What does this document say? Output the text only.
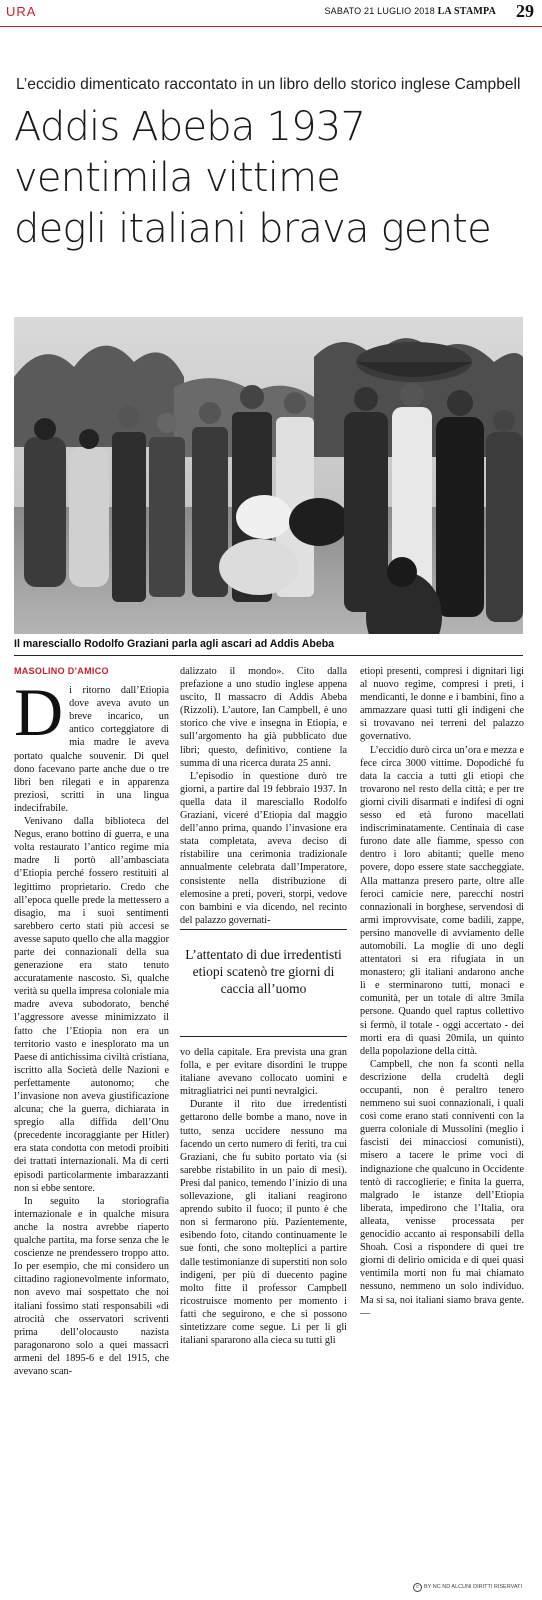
URA	SABATO 21 LUGLIO 2018 LA STAMPA 29
L’eccidio dimenticato raccontato in un libro dello storico inglese Campbell
Addis Abeba 1937
ventimila vittime
degli italiani brava gente
Il maresciallo Rodolfo Graziani parla agli ascari ad Addis Abeba
MASOLINO D’AMICO
D i ritorno dall’Etiopia dove aveva avuto un breve incarico, un antico corteggiatore di mia madre le aveva portato qualche souvenir. Di quel dono facevano parte anche due o tre libri ben rilegati e in apparenza preziosi, scritti in una lingua indecifrabile.

Venivano dalla biblioteca del Negus, erano bottino di guerra, e una volta restaurato l’antico regime mia madre li portò all’ambasciata d’Etiopia perché fossero restituiti al legittimo proprietario. Credo che all’epoca quelle prede la mettessero a disagio, ma i suoi sentimenti sarebbero certo stati più accesi se avesse saputo quello che alla maggior parte dei connazionali della sua generazione era stato tenuto accuratamente nascosto. Sì, qualche verità su quella impresa coloniale mia madre aveva subodorato, benché l’aggressore avesse minimizzato il fatto che l’Etiopia non era un territorio vasto e inesplorato ma un Paese di antichissima civiltà cristiana, iscritto alla Società delle Nazioni e perfettamente autonomo; che l’invasione non aveva giustificazione alcuna; che la guerra, dichiarata in spregio alla diffida dell’Onu (precedente incoraggiante per Hitler) era stata condotta con metodi proibiti dei trattati internazionali. Ma di certi episodi particolarmente imbarazzanti non si ebbe sentore.

In seguito la storiografia internazionale e in qualche misura anche la nostra avrebbe riaperto qualche partita, ma forse senza che le coscienze ne prendessero troppo atto. Io per esempio, che mi considero un cittadino ragionevolmente informato, non avevo mai sospettato che noi italiani fossimo stati responsabili «di atrocità che osservatori scriventi prima dell’olocausto nazista paragonarono solo a quei massacri armeni del 1895-6 e del 1915, che avevano scan-

dalizzato il mondo». Cito dalla prefazione a uno studio inglese appena uscito, Il massacro di Addis Abeba (Rizzoli). L’autore, Ian Campbell, è uno storico che vive e insegna in Etiopia, e sull’argomento ha già pubblicato due libri; questo, definitivo, contiene la summa di una ricerca durata 25 anni.

L’episodio in questione durò tre giorni, a partire dal 19 febbraio 1937. In quella data il maresciallo Rodolfo Graziani, viceré d’Etiopia dal maggio dell’anno prima, quando l’invasione era stata completata, aveva deciso di ristabilire una cerimonia tradizionale annualmente celebrata dall’Imperatore, consistente nella distribuzione di elemosine a preti, poveri, storpi, vedove con bambini e via dicendo, nel recinto del palazzo governati-

L’attentato di due irredentisti etiopi scatenò tre giorni di caccia all’uomo

vo della capitale. Era prevista una gran folla, e per evitare disordini le truppe italiane avevano collocato uomini e mitragliatrici nei punti nevralgici.

Durante il rito due irredentisti gettarono delle bombe a mano, nove in tutto, senza uccidere nessuno ma facendo un certo numero di feriti, tra cui Graziani, che fu subito portato via (si sarebbe ristabilito in un paio di mesi). Presi dal panico, temendo l’inizio di una sollevazione, gli italiani reagirono aprendo subito il fuoco; il punto è che non si fermarono più. Pazientemente, esibendo foto, citando continuamente le sue fonti, che sono molteplici a partire dalle testimonianze di superstiti non solo indigeni, per più di duecento pagine molto fitte il professor Campbell ricostruisce momento per momento i fatti che seguirono, e che si possono sintetizzare come segue. Li per li gli italiani spararono alla cieca su tutti gli

etiopi presenti, compresi i dignitari ligi al nuovo regime, compresi i preti, i mendicanti, le donne e i bambini, fino a ammazzare quasi tutti gli indigeni che si trovavano nei terreni del palazzo governativo.

L’eccidio durò circa un’ora e mezza e fece circa 3000 vittime. Dopodiché fu data la caccia a tutti gli etiopi che trovarono nel resto della città; e per tre giorni civili disarmati e indifesi di ogni sesso ed età furono macellati indiscriminatamente. Centinaia di case furono date alle fiamme, spesso con dentro i loro abitanti; quelle meno povere, dopo essere state saccheggiate. Alla mattanza presero parte, oltre alle feroci camicie nere, parecchi nostri connazionali in borghese, servendosi di armi improvvisate, come badili, zappe, persino manovelle di avviamento delle automobili. La moglie di uno degli attentatori si era rifugiata in un monastero; gli italiani andarono anche lì e sterminarono tutti, monaci e comunità, per un totale di altre 3mila persone. Quando quel raptus collettivo si fermò, il totale - oggi accertato - dei morti era di quasi 20mila, un quinto della popolazione della città.

Campbell, che non fa sconti nella descrizione della crudeltà degli occupanti, non è peraltro tenero nemmeno sui suoi connazionali, i quali così come erano stati conniventi con la guerra coloniale di Mussolini (meglio i fascisti dei minacciosi comunisti), misero a tacere le prime voci di indignazione che qualcuno in Occidente tentò di raccoglierie; e finita la guerra, malgrado le istanze dell’Etiopia liberata, impedirono che l’Italia, ora alleata, venisse processata per genocidio accanto ai responsabili della Shoah. Così a rispondere di quei tre giorni di delirio omicida e di quei quasi ventimila morti non fu mai chiamato nessuno, nemmeno un solo individuo. Ma si sa, noi italiani siamo brava gente. —

c BY NC ND ALCUNI DIRITTI RISERVATI
